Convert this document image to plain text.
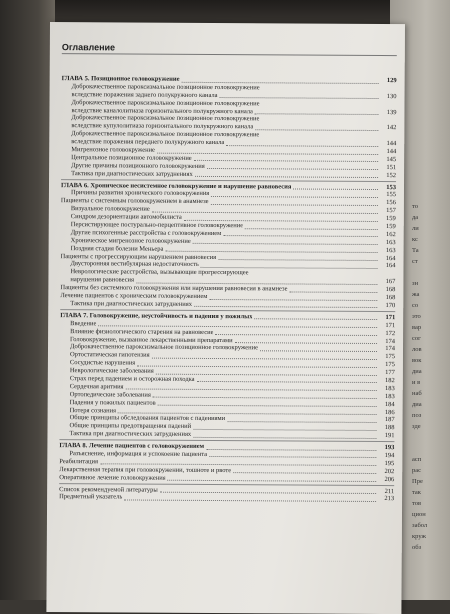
то
да
ли
кс
Та
ст
зн
жа
со
это
вар
сог
лов
вок
диа
и в
наб
диа
поз
зде
асп
рас
Пре
так
тов
цион
забол
круж
обз
Оглавление
ГЛАВА 5. Позиционное головокружение	129
Доброкачественное пароксизмальное позиционное головокружение
вследствие поражения заднего полукружного канала	130
Доброкачественное пароксизмальное позиционное головокружение
вследствие каналолитиаза горизонтального полукружного канала	139
Доброкачественное пароксизмальное позиционное головокружение
вследствие купулолитиаза горизонтального полукружного канала	142
Доброкачественное пароксизмальное позиционное головокружение
вследствие поражения переднего полукружного канала	144
Мигренозное головокружение	144
Центральное позиционное головокружение	145
Другие причины позиционного головокружения	151
Тактика при диагностических затруднениях	152
ГЛАВА 6. Хроническое несистемное головокружение и нарушение равновесия	153
Причины развития хронического головокружения	155
Пациенты с системным головокружением в анамнезе	156
Визуальное головокружение	157
Синдром дезориентации автомобилиста	159
Персистирующее постурально-перцептивное головокружение	159
Другие психогенные расстройства с головокружением	162
Хроническое мигренозное головокружение	163
Поздняя стадия болезни Меньера	163
Пациенты с прогрессирующим нарушением равновесия	164
Двусторонняя вестибулярная недостаточность	164
Неврологические расстройства, вызывающие прогрессирующее
нарушения равновесия	167
Пациенты без системного головокружения или нарушения равновесия в анамнезе	168
Лечение пациентов с хроническим головокружением	168
Тактика при диагностических затруднениях	170
ГЛАВА 7. Головокружение, неустойчивость и падения у пожилых	171
Введение	171
Влияние физиологического старения на равновесие	172
Головокружение, вызванное лекарственными препаратами	174
Доброкачественное пароксизмальное позиционное головокружение	174
Ортостатическая гипотензия	175
Сосудистые нарушения	175
Неврологические заболевания	177
Страх перед падением и осторожная походка	182
Сердечная аритмия	183
Ортопедические заболевания	183
Падения у пожилых пациентов	184
Потеря сознания	186
Общие принципы обследования пациентов с падениями	187
Общие принципы предотвращения падений	188
Тактика при диагностических затруднениях	191
ГЛАВА 8. Лечение пациентов с головокружением	193
Разъяснение, информация и успокоение пациента	194
Реабилитация	195
Лекарственная терапия при головокружении, тошноте и рвоте	202
Оперативное лечение головокружения	206
Список рекомендуемой литературы	211
Предметный указатель	213
